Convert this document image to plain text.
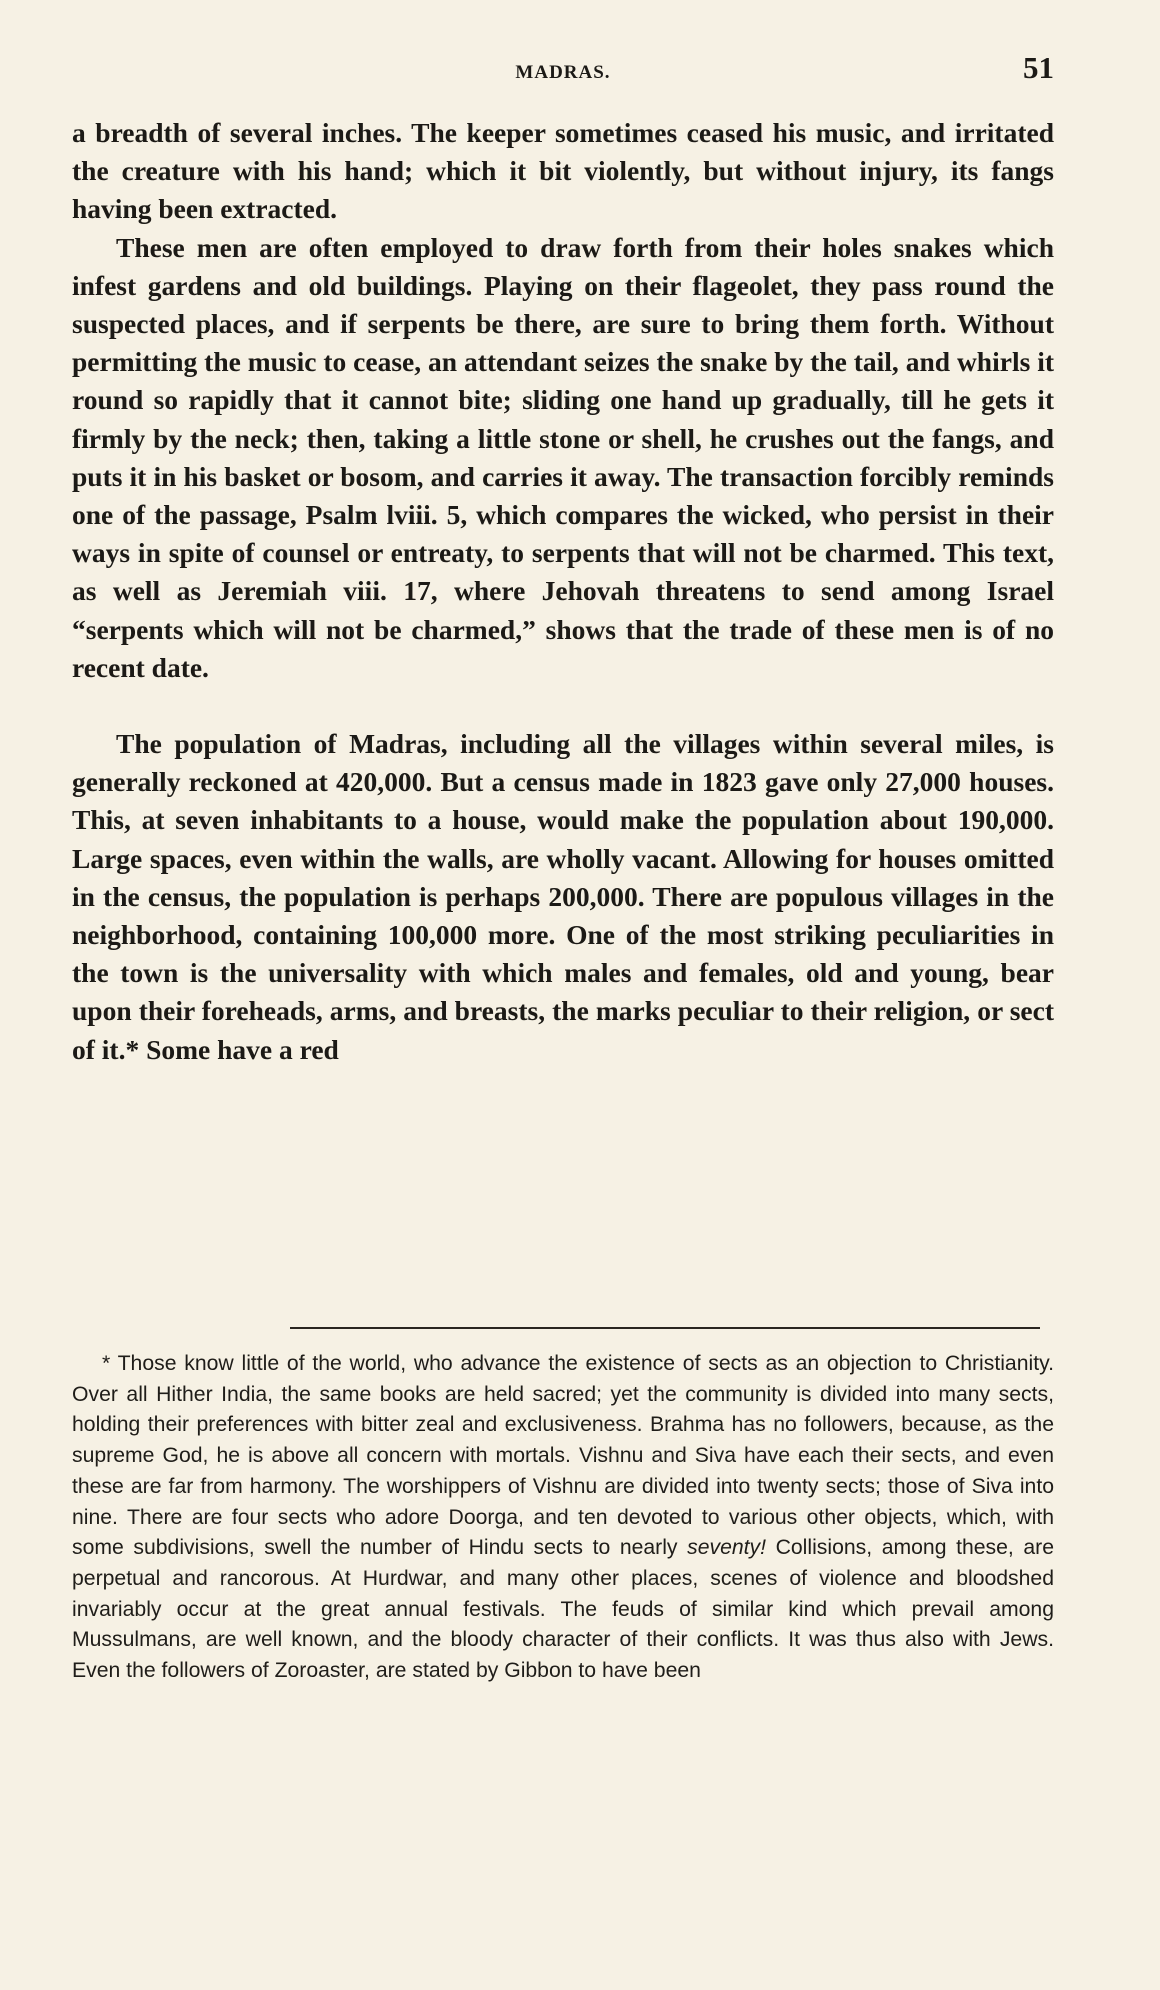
MADRAS.	51

a breadth of several inches. The keeper sometimes ceased his music, and irritated the creature with his hand; which it bit violently, but without injury, its fangs having been extracted.

These men are often employed to draw forth from their holes snakes which infest gardens and old buildings. Playing on their flageolet, they pass round the suspected places, and if serpents be there, are sure to bring them forth. Without permitting the music to cease, an attendant seizes the snake by the tail, and whirls it round so rapidly that it cannot bite; sliding one hand up gradually, till he gets it firmly by the neck; then, taking a little stone or shell, he crushes out the fangs, and puts it in his basket or bosom, and carries it away. The transaction forcibly reminds one of the passage, Psalm lviii. 5, which compares the wicked, who persist in their ways in spite of counsel or entreaty, to serpents that will not be charmed. This text, as well as Jeremiah viii. 17, where Jehovah threatens to send among Israel “serpents which will not be charmed,” shows that the trade of these men is of no recent date.

The population of Madras, including all the villages within several miles, is generally reckoned at 420,000. But a census made in 1823 gave only 27,000 houses. This, at seven inhabitants to a house, would make the population about 190,000. Large spaces, even within the walls, are wholly vacant. Allowing for houses omitted in the census, the population is perhaps 200,000. There are populous villages in the neighborhood, containing 100,000 more. One of the most striking peculiarities in the town is the universality with which males and females, old and young, bear upon their foreheads, arms, and breasts, the marks peculiar to their religion, or sect of it.* Some have a red

* Those know little of the world, who advance the existence of sects as an objection to Christianity. Over all Hither India, the same books are held sacred; yet the community is divided into many sects, holding their preferences with bitter zeal and exclusiveness. Brahma has no followers, because, as the supreme God, he is above all concern with mortals. Vishnu and Siva have each their sects, and even these are far from harmony. The worshippers of Vishnu are divided into twenty sects; those of Siva into nine. There are four sects who adore Doorga, and ten devoted to various other objects, which, with some subdivisions, swell the number of Hindu sects to nearly seventy! Collisions, among these, are perpetual and rancorous. At Hurdwar, and many other places, scenes of violence and bloodshed invariably occur at the great annual festivals. The feuds of similar kind which prevail among Mussulmans, are well known, and the bloody character of their conflicts. It was thus also with Jews. Even the followers of Zoroaster, are stated by Gibbon to have been
